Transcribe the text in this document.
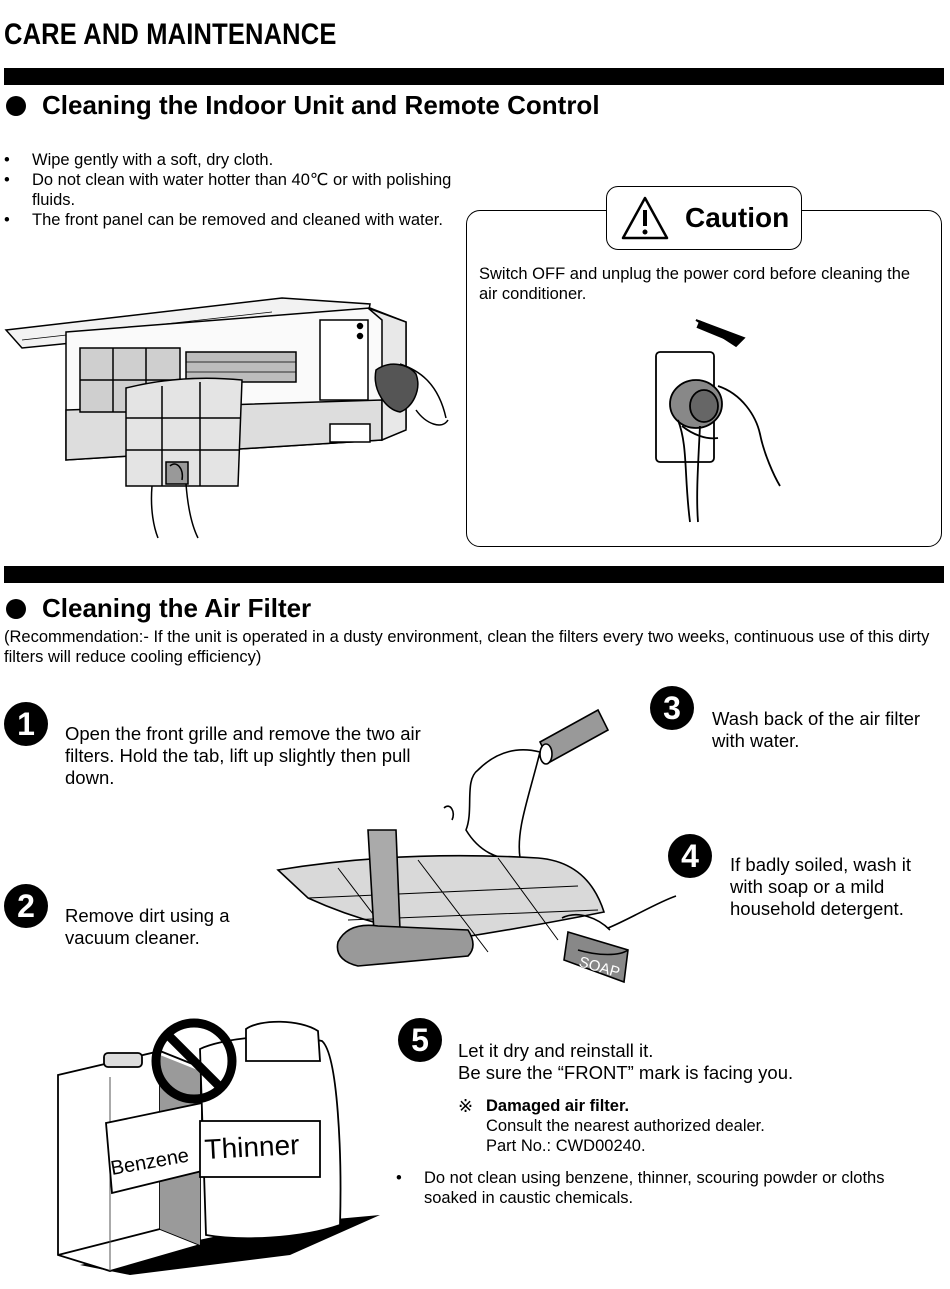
CARE AND MAINTENANCE
Cleaning the Indoor Unit and Remote Control
• Wipe gently with a soft, dry cloth.
• Do not clean with water hotter than 40℃ or with polishing fluids.
• The front panel can be removed and cleaned with water.	Caution
Switch OFF and unplug the power cord before cleaning the air conditioner.
Cleaning the Air Filter
(Recommendation:- If the unit is operated in a dusty environment, clean the filters every two weeks, continuous use of this dirty filters will reduce cooling efficiency)
1	Open the front grille and remove the two air filters. Hold the tab, lift up slightly then pull down.
2	Remove dirt using a vacuum cleaner.
3	Wash back of the air filter with water.
4	If badly soiled, wash it with soap or a mild household detergent.
SOAP
Benzene Thinner
5	Let it dry and reinstall it.
Be sure the “FRONT” mark is facing you.
※ Damaged air filter.
Consult the nearest authorized dealer.
Part No.: CWD00240.
• Do not clean using benzene, thinner, scouring powder or cloths soaked in caustic chemicals.
